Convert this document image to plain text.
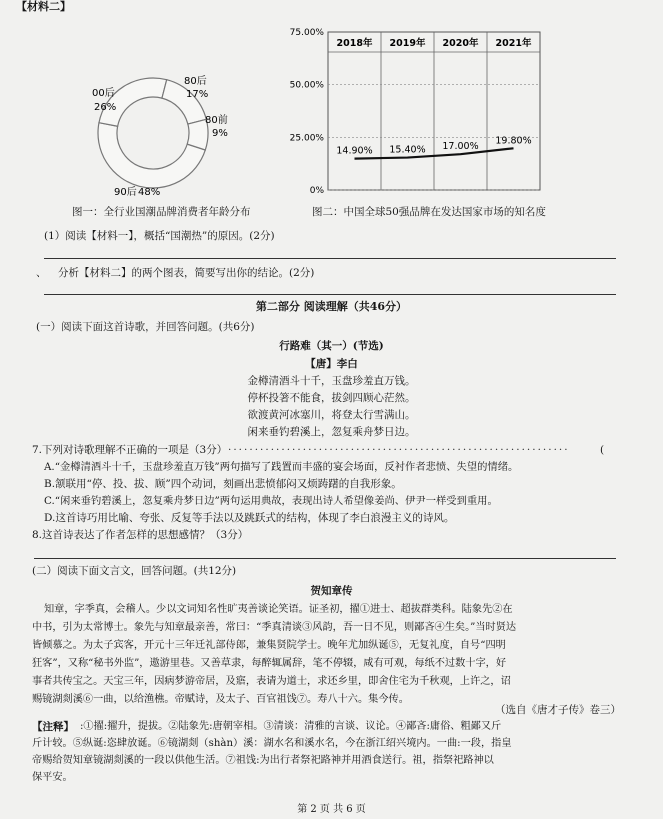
【材料二】
00后
26%
80后
17%
80前
9%
90后 48%	0%
25.00%
50.00%
75.00%
2018年 2019年 2020年 2021年
14.90% 15.40% 17.00%
19.80%
图一：全行业国潮品牌消费者年龄分布	图二：中国全球50强品牌在发达国家市场的知名度
(1）阅读【材料一】，概括“国潮热”的原因。(2分)
、 分析【材料二】的两个图表，简要写出你的结论。(2分)
第二部分 阅读理解（共46分）
(一）阅读下面这首诗歌，并回答问题。(共6分)
行路难（其一）(节选)
【唐】李白
金樽清酒斗十千，玉盘珍羞直万钱。
停杯投箸不能食，拔剑四顾心茫然。
欲渡黄河冰塞川，将登太行雪满山。
闲来垂钓碧溪上，忽复乘舟梦日边。
7.下列对诗歌理解不正确的一项是（3分） ································································	(
A.“金樽清酒斗十千，玉盘珍羞直万钱”两句描写了践置而丰盛的宴会场面，反衬作者悲愤、失望的情绪。
B.颔联用“停、投、拔、顾”四个动词，刻画出悲愤郁闷又烦踌躇的自我形象。
C.“闲来垂钓碧溪上，忽复乘舟梦日边”两句运用典故，表现出诗人希望像姜尚、伊尹一样受到重用。
D.这首诗巧用比喻、夸张、反复等手法以及跳跃式的结构，体现了李白浪漫主义的诗风。
8.这首诗表达了作者怎样的思想感情？（3分）
(二）阅读下面文言文，回答问题。(共12分)
贺知章传
知章，字季真，会稽人。少以文词知名性旷夷善谈论笑语。证圣初，擢①进士、超拔群类科。陆象先②在
中书，引为太常博士。象先与知章最亲善，常曰：“季真清谈③风韵，吾一日不见，则鄙吝④生矣。”当时贤达
皆倾慕之。为太子宾客，开元十三年迁礼部侍郎，兼集贤院学士。晚年尤加纵诞⑤，无复礼度，自号“四明
狂客”，又称“秘书外监”，遨游里巷。又善草隶，每醉辄属辞，笔不停辍，咸有可观，每纸不过数十字，好
事者共传宝之。天宝三年，因病梦游帝居，及寤，表请为道士，求还乡里，即舍住宅为千秋观，上许之，诏
赐镜湖剡溪⑥一曲，以给渔樵。帝赋诗，及太子、百官祖饯⑦。寿八十六。集今传。
（选自《唐才子传》卷三）
【注释】 :①擢:擢升，提拔。②陆象先:唐朝宰相。③清谈：清雅的言谈、议论。④鄙吝:庸俗、粗鄙又斤
斤计较。⑤纵诞:恣肆放诞。⑥镜湖剡（shàn）溪：湖水名和溪水名，今在浙江绍兴境内。一曲:一段，指皇
帝赐给贺知章镜湖剡溪的一段以供他生活。⑦祖饯:为出行者祭祀路神并用酒食送行。祖，指祭祀路神以
保平安。
第 2 页 共 6 页
